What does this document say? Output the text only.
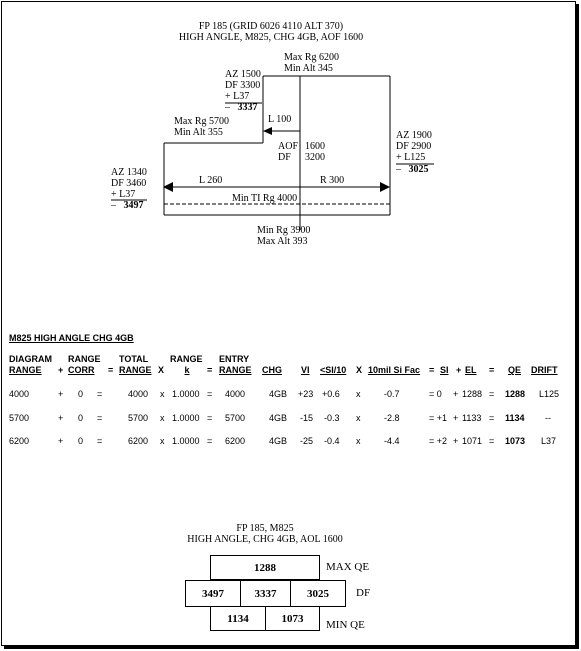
FP 185 (GRID 6026 4110 ALT 370)
HIGH ANGLE, M825, CHG 4GB, AOF 1600
Max Rg 6200
Min Alt 345
AZ 1500
DF 3300
+ L37
–   3337
Max Rg 5700
Min Alt 355
L 100
AOF 1600
DF 3200
AZ 1900
DF 2900
+ L125
–   3025
AZ 1340
DF 3460
+ L37
–   3497
L 260	R 300
Min TI Rg 4000
Min Rg 3900
Max Alt 393
M825 HIGH ANGLE CHG 4GB
DIAGRAM RANGE TOTAL RANGE ENTRY
RANGE + CORR = RANGE X	k	= RANGE CHG VI <SI/10 X 10mil Si Fac = SI + EL = QE DRIFT
4000	+ 0 =	4000 x 1.0000 = 4000	4GB +23 +0.6 x	-0.7	= 0 + 1288 = 1288 L125
5700	+ 0 =	5700 x 1.0000 = 5700	4GB -15 -0.3 x	-2.8	= +1 + 1133 = 1134 --
6200	+ 0 =	6200 x 1.0000 = 6200	4GB -25 -0.4 x	-4.4	= +2 + 1071 = 1073 L37
FP 185, M825
HIGH ANGLE, CHG 4GB, AOL 1600
1288	MAX QE
3497	3337	3025	DF
1134	1073
MIN QE
